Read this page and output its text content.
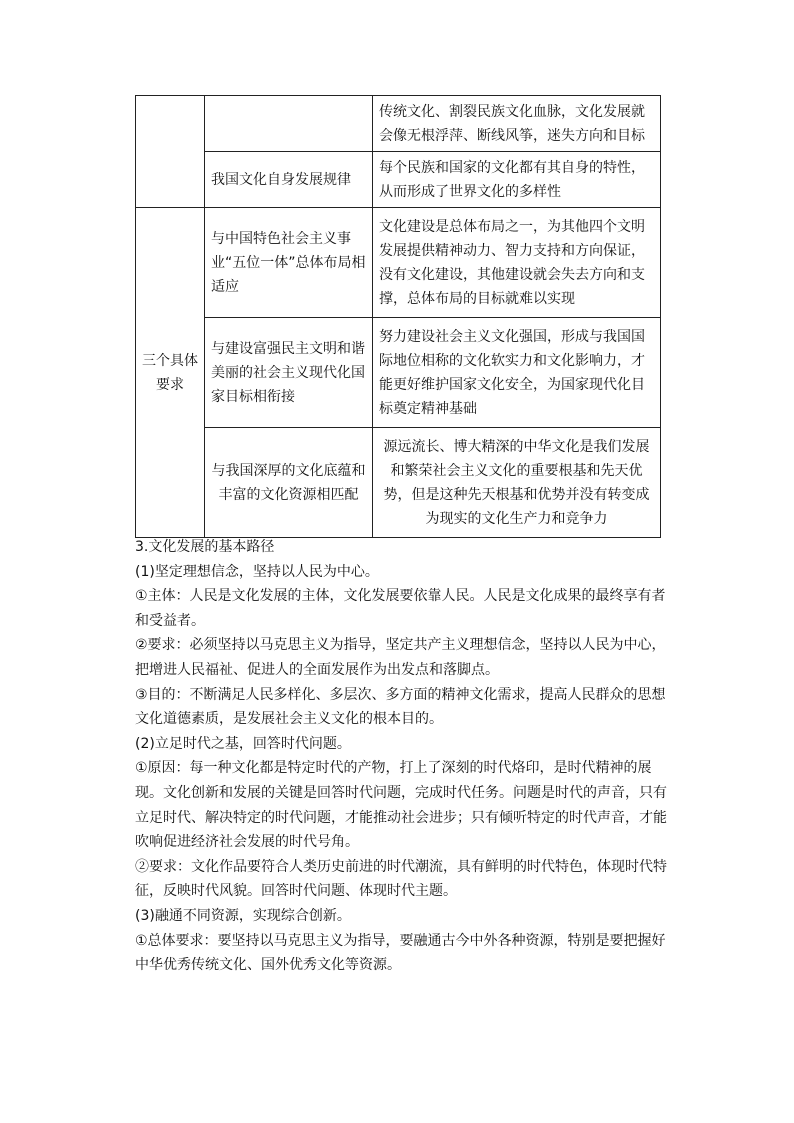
		传统文化、割裂民族文化血脉，文化发展就会像无根浮萍、断线风筝，迷失方向和目标
	我国文化自身发展规律	每个民族和国家的文化都有其自身的特性，从而形成了世界文化的多样性
三个具体要求	与中国特色社会主义事业“五位一体”总体布局相适应	文化建设是总体布局之一，为其他四个文明发展提供精神动力、智力支持和方向保证，没有文化建设，其他建设就会失去方向和支撑，总体布局的目标就难以实现
	与建设富强民主文明和谐美丽的社会主义现代化国家目标相衔接	努力建设社会主义文化强国，形成与我国国际地位相称的文化软实力和文化影响力，才能更好维护国家文化安全，为国家现代化目标奠定精神基础
	与我国深厚的文化底蕴和丰富的文化资源相匹配	源远流长、博大精深的中华文化是我们发展和繁荣社会主义文化的重要根基和先天优势，但是这种先天根基和优势并没有转变成为现实的文化生产力和竞争力

3.文化发展的基本路径

(1)坚定理想信念，坚持以人民为中心。

①主体：人民是文化发展的主体，文化发展要依靠人民。人民是文化成果的最终享有者和受益者。

②要求：必须坚持以马克思主义为指导，坚定共产主义理想信念，坚持以人民为中心，把增进人民福祉、促进人的全面发展作为出发点和落脚点。

③目的：不断满足人民多样化、多层次、多方面的精神文化需求，提高人民群众的思想文化道德素质，是发展社会主义文化的根本目的。

(2)立足时代之基，回答时代问题。

①原因：每一种文化都是特定时代的产物，打上了深刻的时代烙印，是时代精神的展现。文化创新和发展的关键是回答时代问题，完成时代任务。问题是时代的声音，只有立足时代、解决特定的时代问题，才能推动社会进步；只有倾听特定的时代声音，才能吹响促进经济社会发展的时代号角。

②要求：文化作品要符合人类历史前进的时代潮流，具有鲜明的时代特色，体现时代特征，反映时代风貌。回答时代问题、体现时代主题。

(3)融通不同资源，实现综合创新。

①总体要求：要坚持以马克思主义为指导，要融通古今中外各种资源，特别是要把握好中华优秀传统文化、国外优秀文化等资源。
